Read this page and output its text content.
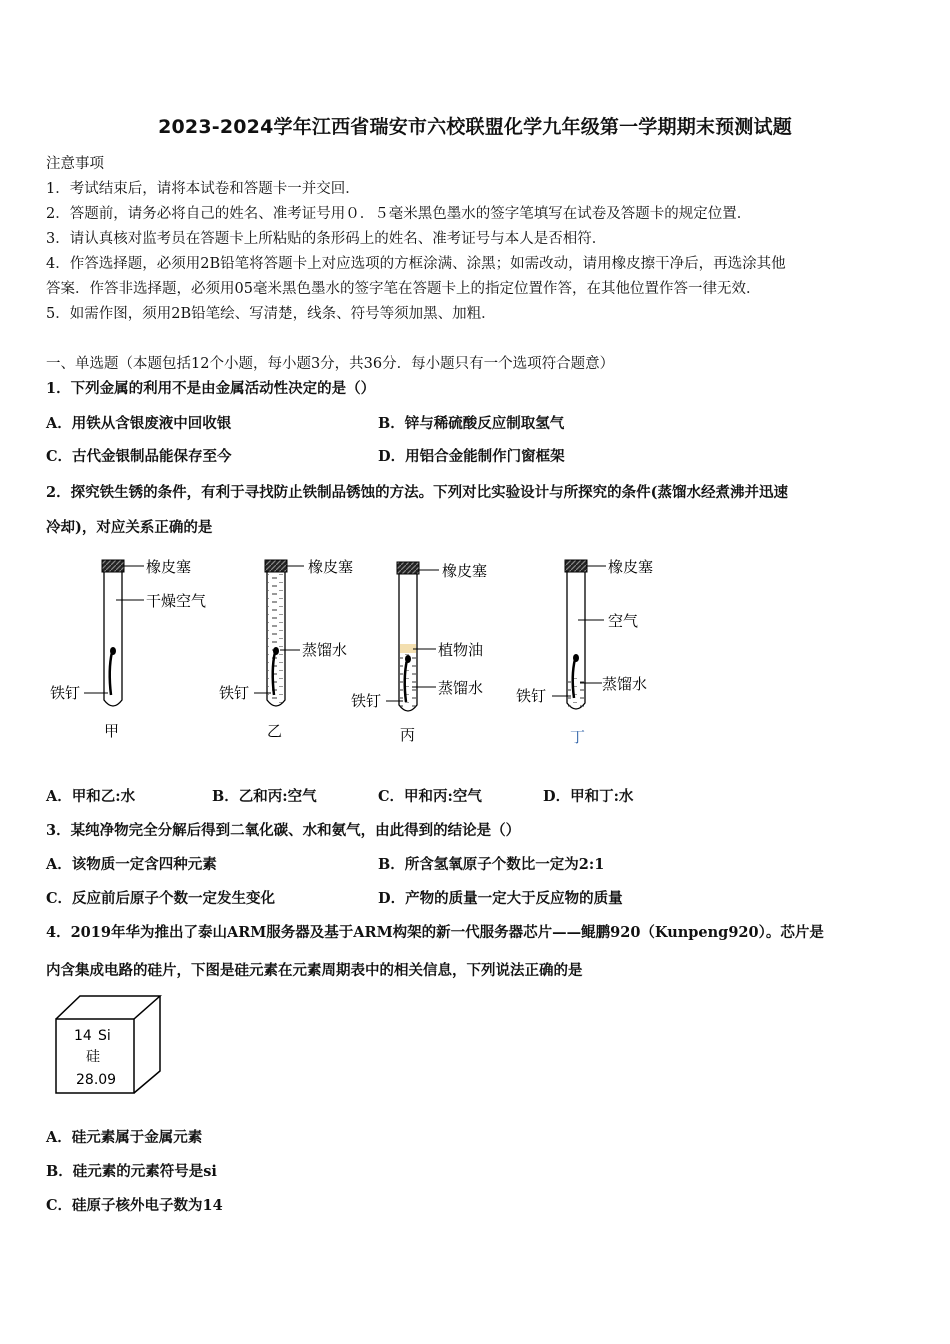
2023-2024学年江西省瑞安市六校联盟化学九年级第一学期期末预测试题
注意事项
1．考试结束后，请将本试卷和答题卡一并交回．
2．答题前，请务必将自己的姓名、准考证号用０．５毫米黑色墨水的签字笔填写在试卷及答题卡的规定位置．
3．请认真核对监考员在答题卡上所粘贴的条形码上的姓名、准考证号与本人是否相符．
4．作答选择题，必须用2B铅笔将答题卡上对应选项的方框涂满、涂黑；如需改动，请用橡皮擦干净后，再选涂其他
答案．作答非选择题，必须用05毫米黑色墨水的签字笔在答题卡上的指定位置作答，在其他位置作答一律无效．
5．如需作图，须用2B铅笔绘、写清楚，线条、符号等须加黑、加粗．
一、单选题（本题包括12个小题，每小题3分，共36分．每小题只有一个选项符合题意）
1．下列金属的利用不是由金属活动性决定的是（）
A．用铁从含银废液中回收银	B．锌与稀硫酸反应制取氢气
C．古代金银制品能保存至今	D．用铝合金能制作门窗框架
2．探究铁生锈的条件，有利于寻找防止铁制品锈蚀的方法。下列对比实验设计与所探究的条件(蒸馏水经煮沸并迅速
冷却)，对应关系正确的是
橡皮塞
干燥空气
铁钉
甲
橡皮塞
蒸馏水
铁钉
乙
橡皮塞
植物油
蒸馏水
铁钉
丙
橡皮塞
空气
蒸馏水
铁钉
丁
A．甲和乙:水	B．乙和丙:空气	C．甲和丙:空气	D．甲和丁:水
3．某纯净物完全分解后得到二氧化碳、水和氨气，由此得到的结论是（）
A．该物质一定含四种元素	B．所含氢氧原子个数比一定为2:1
C．反应前后原子个数一定发生变化	D．产物的质量一定大于反应物的质量
4．2019年华为推出了泰山ARM服务器及基于ARM构架的新一代服务器芯片——鲲鹏920（Kunpeng920）。芯片是
内含集成电路的硅片，下图是硅元素在元素周期表中的相关信息，下列说法正确的是
14 Si
硅
28.09
A．硅元素属于金属元素
B．硅元素的元素符号是si
C．硅原子核外电子数为14
